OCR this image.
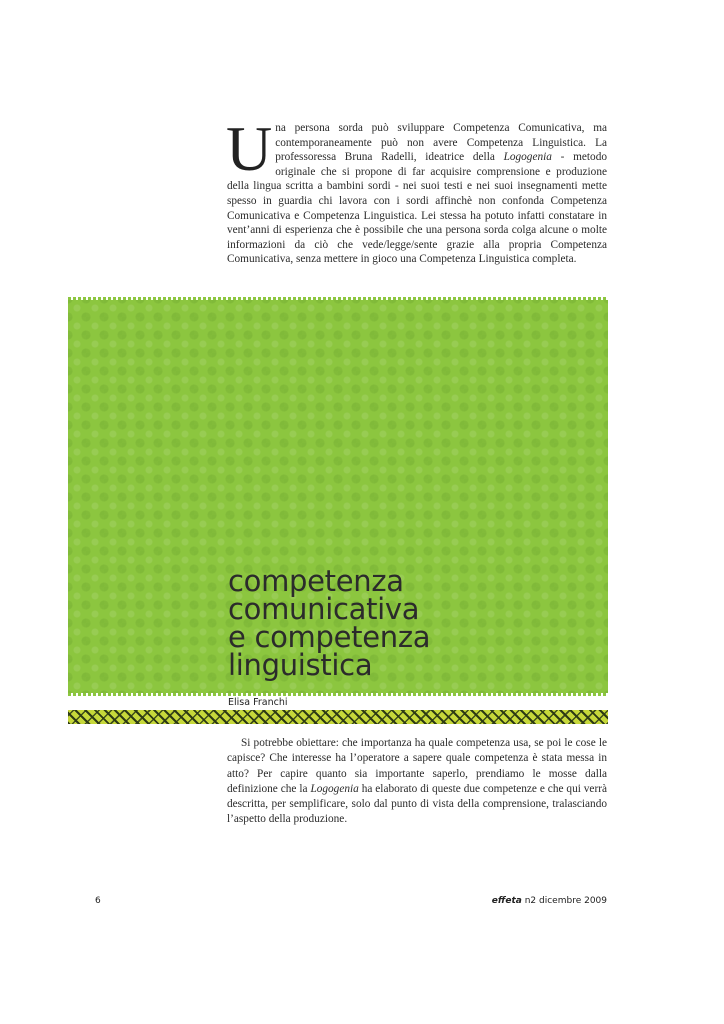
Una persona sorda può sviluppare Competenza Comunicativa, ma contemporaneamente può non avere Competenza Linguistica. La professoressa Bruna Radelli, ideatrice della Logogenia - metodo originale che si propone di far acquisire comprensione e produzione della lingua scritta a bambini sordi - nei suoi testi e nei suoi insegnamenti mette spesso in guardia chi lavora con i sordi affinchè non confonda Competenza Comunicativa e Competenza Linguistica. Lei stessa ha potuto infatti constatare in vent’anni di esperienza che è possibile che una persona sorda colga alcune o molte informazioni da ciò che vede/legge/sente grazie alla propria Competenza Comunicativa, senza mettere in gioco una Competenza Linguistica completa.
competenza
comunicativa
e competenza
linguistica
Elisa Franchi

Si potrebbe obiettare: che importanza ha quale competenza usa, se poi le cose le capisce? Che interesse ha l’operatore a sapere quale competenza è stata messa in atto? Per capire quanto sia importante saperlo, prendiamo le mosse dalla definizione che la Logogenia ha elaborato di queste due competenze e che qui verrà descritta, per semplificare, solo dal punto di vista della comprensione, tralasciando l’aspetto della produzione.

6	effeta n2 dicembre 2009
